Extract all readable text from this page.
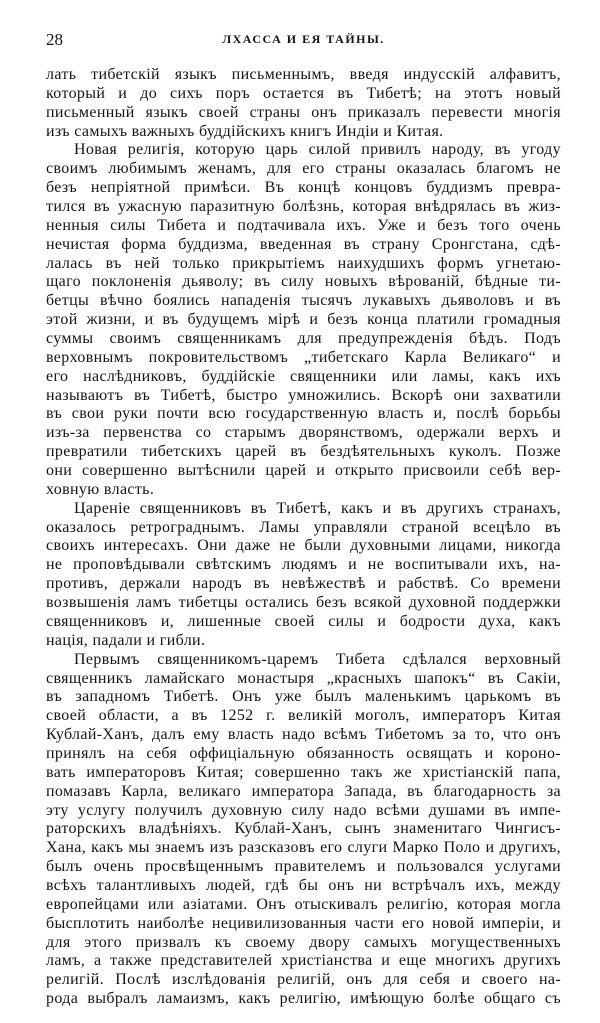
28	ЛХАССА И ЕЯ ТАЙНЫ.
лать тибетскій языкъ письменнымъ, введя индусскій алфавитъ,
который и до сихъ поръ остается въ Тибетѣ; на этотъ новый
письменный языкъ своей страны онъ приказалъ перевести многія
изъ самыхъ важныхъ буддійскихъ книгъ Индіи и Китая.
Новая религія, которую царь силой привилъ народу, въ угоду
своимъ любимымъ женамъ, для его страны оказалась благомъ не
безъ непріятной примѣси. Въ концѣ концовъ буддизмъ превра-
тился въ ужасную паразитную болѣзнь, которая внѣдрялась въ жиз-
ненныя силы Тибета и подтачивала ихъ. Уже и безъ того очень
нечистая форма буддизма, введенная въ страну Сронгстана, сдѣ-
лалась въ ней только прикрытіемъ наихудшихъ формъ угнетаю-
щаго поклоненія дьяволу; въ силу новыхъ вѣрованій, бѣдные ти-
бетцы вѣчно боялись нападенія тысячъ лукавыхъ дьяволовъ и въ
этой жизни, и въ будущемъ мірѣ и безъ конца платили громадныя
суммы своимъ священникамъ для предупрежденія бѣдъ. Подъ
верховнымъ покровительствомъ „тибетскаго Карла Великаго“ и
его наслѣдниковъ, буддійскіе священники или ламы, какъ ихъ
называютъ въ Тибетѣ, быстро умножились. Вскорѣ они захватили
въ свои руки почти всю государственную власть и, послѣ борьбы
изъ-за первенства со старымъ дворянствомъ, одержали верхъ и
превратили тибетскихъ царей въ бездѣятельныхъ куколъ. Позже
они совершенно вытѣснили царей и открыто присвоили себѣ вер-
ховную власть.
Цареніе священниковъ въ Тибетѣ, какъ и въ другихъ странахъ,
оказалось ретрограднымъ. Ламы управляли страной всецѣло въ
своихъ интересахъ. Они даже не были духовными лицами, никогда
не проповѣдывали свѣтскимъ людямъ и не воспитывали ихъ, на-
противъ, держали народъ въ невѣжествѣ и рабствѣ. Со времени
возвышенія ламъ тибетцы остались безъ всякой духовной поддержки
священниковъ и, лишенные своей силы и бодрости духа, какъ
нація, падали и гибли.
Первымъ священникомъ-царемъ Тибета сдѣлался верховный
священникъ ламайскаго монастыря „красныхъ шапокъ“ въ Сакіи,
въ западномъ Тибетѣ. Онъ уже былъ маленькимъ царькомъ въ
своей области, а въ 1252 г. великій моголъ, императоръ Китая
Кублай-Ханъ, далъ ему власть надо всѣмъ Тибетомъ за то, что онъ
принялъ на себя оффиціальную обязанность освящать и короно-
вать императоровъ Китая; совершенно такъ же христіанскій папа,
помазавъ Карла, великаго императора Запада, въ благодарность за
эту услугу получилъ духовную силу надо всѣми душами въ импе-
раторскихъ владѣніяхъ. Кублай-Ханъ, сынъ знаменитаго Чингисъ-
Хана, какъ мы знаемъ изъ разсказовъ его слуги Марко Поло и другихъ,
былъ очень просвѣщеннымъ правителемъ и пользовался услугами
всѣхъ талантливыхъ людей, гдѣ бы онъ ни встрѣчалъ ихъ, между
европейцами или азіатами. Онъ отыскивалъ религію, которая могла
бысплотить наиболѣе нецивилизованныя части его новой имперіи, и
для этого призвалъ къ своему двору самыхъ могущественныхъ
ламъ, а также представителей христіанства и еще многихъ другихъ
религій. Послѣ изслѣдованія религій, онъ для себя и своего на-
рода выбралъ ламаизмъ, какъ религію, имѣющую болѣе общаго съ
